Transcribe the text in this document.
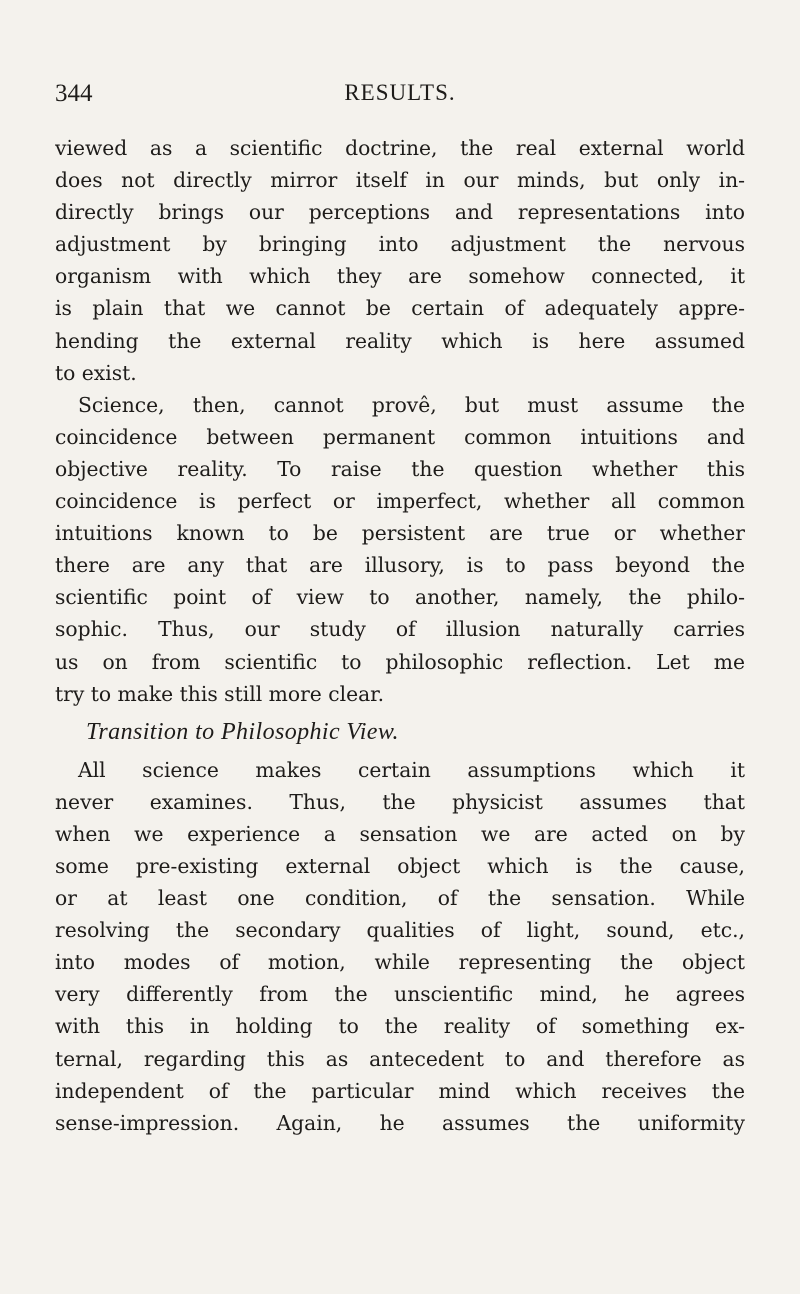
344	RESULTS.
viewed as a scientific doctrine, the real external world
does not directly mirror itself in our minds, but only in-
directly brings our perceptions and representations into
adjustment by bringing into adjustment the nervous
organism with which they are somehow connected, it
is plain that we cannot be certain of adequately appre-
hending the external reality which is here assumed
to exist.
Science, then, cannot provê, but must assume the
coincidence between permanent common intuitions and
objective reality. To raise the question whether this
coincidence is perfect or imperfect, whether all common
intuitions known to be persistent are true or whether
there are any that are illusory, is to pass beyond the
scientific point of view to another, namely, the philo-
sophic. Thus, our study of illusion naturally carries
us on from scientific to philosophic reflection. Let me
try to make this still more clear.
Transition to Philosophic View.
All science makes certain assumptions which it
never examines. Thus, the physicist assumes that
when we experience a sensation we are acted on by
some pre-existing external object which is the cause,
or at least one condition, of the sensation. While
resolving the secondary qualities of light, sound, etc.,
into modes of motion, while representing the object
very differently from the unscientific mind, he agrees
with this in holding to the reality of something ex-
ternal, regarding this as antecedent to and therefore as
independent of the particular mind which receives the
sense-impression. Again, he assumes the uniformity
